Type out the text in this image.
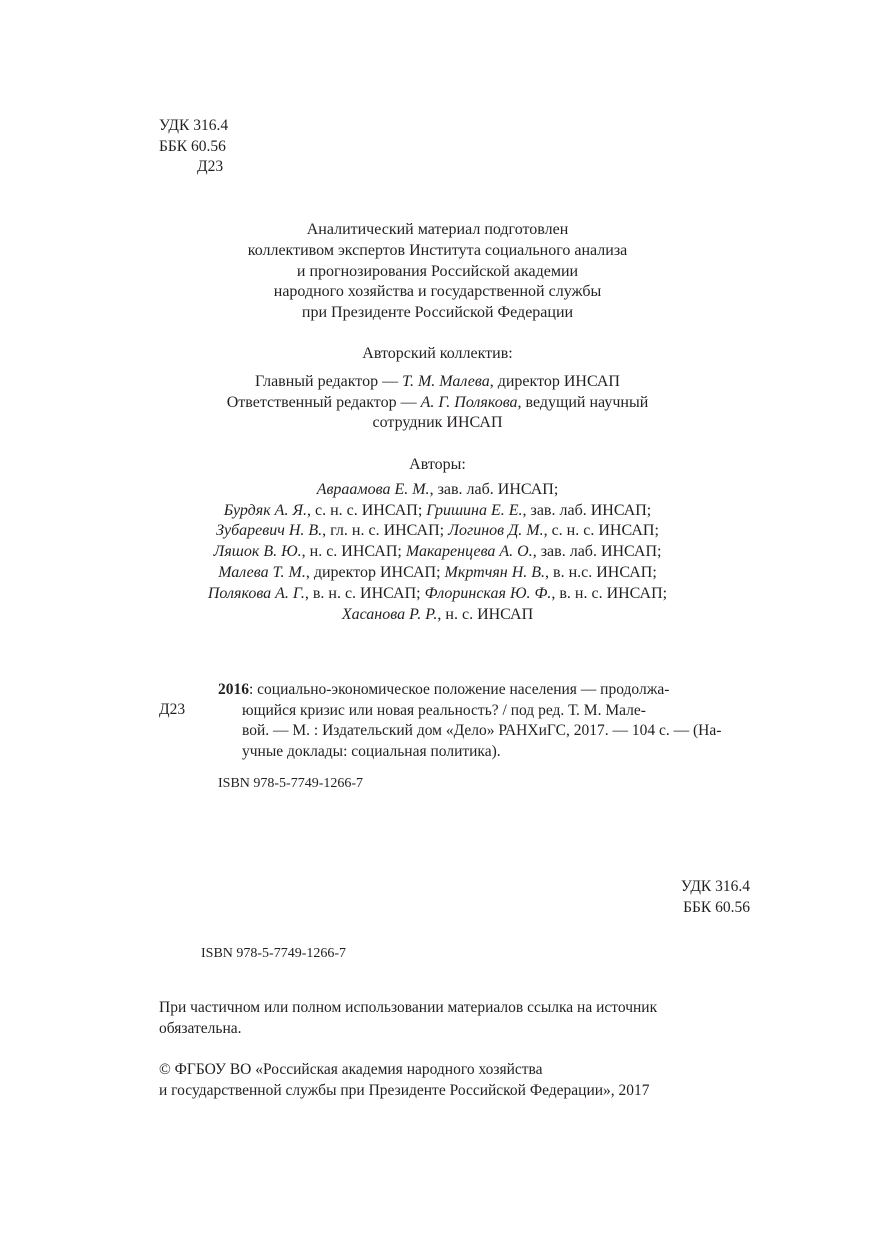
УДК 316.4
ББК 60.56
Д23
Аналитический материал подготовлен
коллективом экспертов Института социального анализа
и прогнозирования Российской академии
народного хозяйства и государственной службы
при Президенте Российской Федерации
Авторский коллектив:
Главный редактор — Т. М. Малева, директор ИНСАП
Ответственный редактор — А. Г. Полякова, ведущий научный
сотрудник ИНСАП
Авторы:
Авраамова Е. М., зав. лаб. ИНСАП;
Бурдяк А. Я., с. н. с. ИНСАП; Гришина Е. Е., зав. лаб. ИНСАП;
Зубаревич Н. В., гл. н. с. ИНСАП; Логинов Д. М., с. н. с. ИНСАП;
Ляшок В. Ю., н. с. ИНСАП; Макаренцева А. О., зав. лаб. ИНСАП;
Малева Т. М., директор ИНСАП; Мкртчян Н. В., в. н.с. ИНСАП;
Полякова А. Г., в. н. с. ИНСАП; Флоринская Ю. Ф., в. н. с. ИНСАП;
Хасанова Р. Р., н. с. ИНСАП
Д23
2016: социально-экономическое положение населения — продолжа-
ющийся кризис или новая реальность? / под ред. Т. М. Мале-
вой. — М. : Издательский дом «Дело» РАНХиГС, 2017. — 104 с. — (На-
учные доклады: социальная политика).
ISBN 978-5-7749-1266-7
УДК 316.4
ББК 60.56
ISBN 978-5-7749-1266-7
При частичном или полном использовании материалов ссылка на источник
обязательна.
© ФГБОУ ВО «Российская академия народного хозяйства
и государственной службы при Президенте Российской Федерации», 2017
